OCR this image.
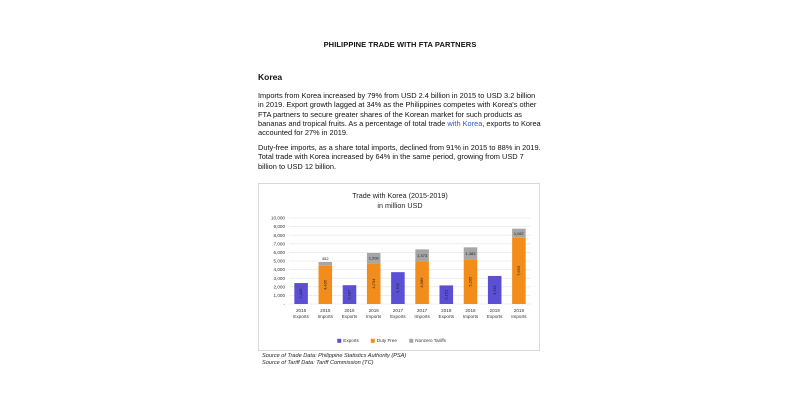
PHILIPPINE TRADE WITH FTA PARTNERS
Korea

Imports from Korea increased by 79% from USD 2.4 billion in 2015 to USD 3.2 billion in 2019. Export growth lagged at 34% as the Philippines competes with Korea's other FTA partners to secure greater shares of the Korean market for such products as bananas and tropical fruits. As a percentage of total trade with Korea, exports to Korea accounted for 27% in 2019.

Duty-free imports, as a share total imports, declined from 91% in 2015 to 88% in 2019. Total trade with Korea increased by 64% in the same period, growing from USD 7 billion to USD 12 billion.

Trade with Korea (2015-2019)
in million USD
10,000
9,000
8,000
7,000
6,000
5,000
4,000
3,000
2,000
1,000
-
2,435
2015
Exports
4,435
452
2015
Imports
2,187
2016
Exports
4,734
1,200
2016
Imports
3,702
2017
Exports
4,980
1,373
2017
Imports
2,161
2018
Exports
5,205
1,383
2018
Imports
3,261
2019
Exports
7,693
1,067
2019
Imports
Exports	Duty Free	Nonzero Tariffs
Source of Trade Data: Philippine Statistics Authority (PSA)
Source of Tariff Data: Tariff Commission (TC)
